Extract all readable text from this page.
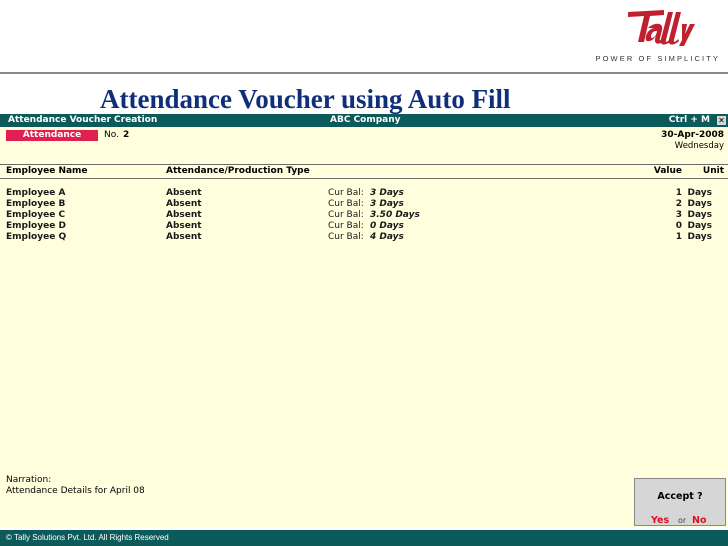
POWER OF SIMPLICITY
Attendance Voucher using Auto Fill
Attendance Voucher Creation	ABC Company	Ctrl + M ✕
Attendance	No. 2	30-Apr-2008
Wednesday
Employee Name	Attendance/Production Type	Value Unit
Employee A	Absent	Cur Bal: 3 Days	1 Days
Employee B	Absent	Cur Bal: 3 Days	2 Days
Employee C	Absent	Cur Bal: 3.50 Days	3 Days
Employee D	Absent	Cur Bal: 0 Days	0 Days
Employee Q	Absent	Cur Bal: 4 Days	1 Days
Narration:
Attendance Details for April 08	Accept ?
Yes or No
© Tally Solutions Pvt. Ltd. All Rights Reserved
